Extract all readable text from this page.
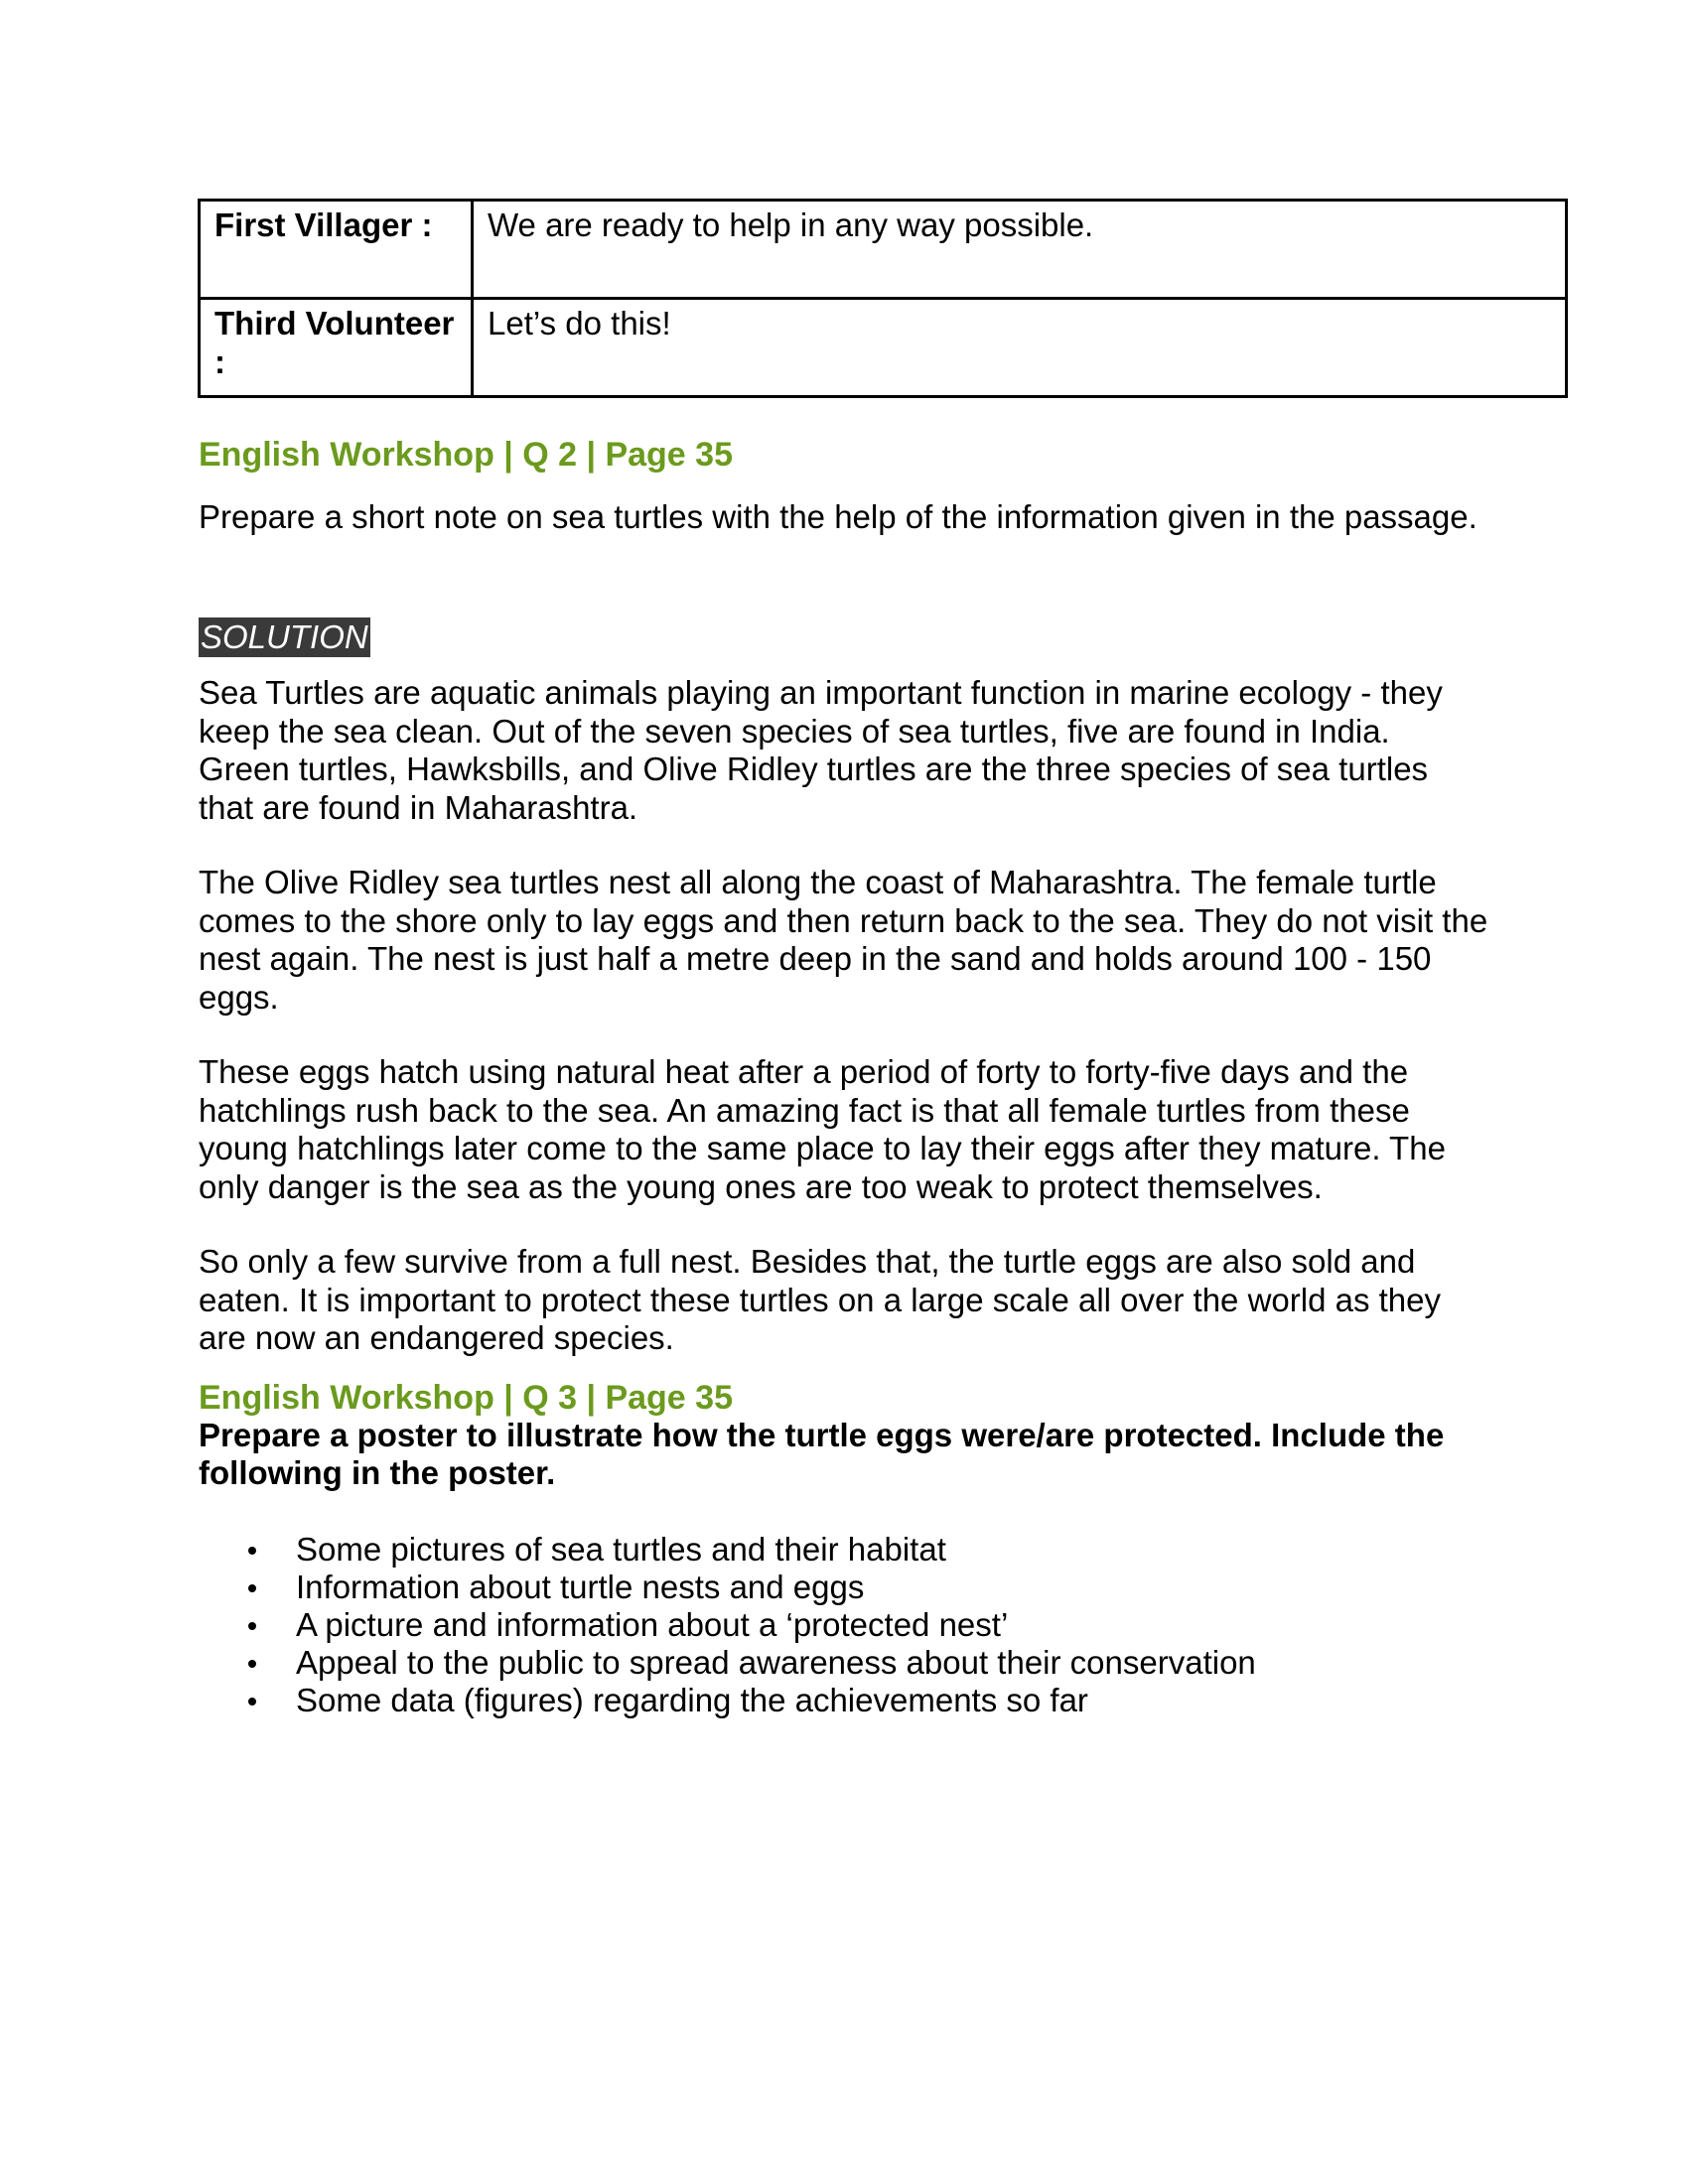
First Villager :	We are ready to help in any way possible.
Third Volunteer :	Let’s do this!
English Workshop | Q 2 | Page 35
Prepare a short note on sea turtles with the help of the information given in the passage.
SOLUTION
Sea Turtles are aquatic animals playing an important function in marine ecology - they keep the sea clean. Out of the seven species of sea turtles, five are found in India. Green turtles, Hawksbills, and Olive Ridley turtles are the three species of sea turtles that are found in Maharashtra.
The Olive Ridley sea turtles nest all along the coast of Maharashtra. The female turtle comes to the shore only to lay eggs and then return back to the sea. They do not visit the nest again. The nest is just half a metre deep in the sand and holds around 100 - 150 eggs.
These eggs hatch using natural heat after a period of forty to forty-five days and the hatchlings rush back to the sea. An amazing fact is that all female turtles from these young hatchlings later come to the same place to lay their eggs after they mature. The only danger is the sea as the young ones are too weak to protect themselves.
So only a few survive from a full nest. Besides that, the turtle eggs are also sold and eaten. It is important to protect these turtles on a large scale all over the world as they are now an endangered species.
English Workshop | Q 3 | Page 35
Prepare a poster to illustrate how the turtle eggs were/are protected. Include the following in the poster.
Some pictures of sea turtles and their habitat
Information about turtle nests and eggs
A picture and information about a ‘protected nest’
Appeal to the public to spread awareness about their conservation
Some data (figures) regarding the achievements so far
